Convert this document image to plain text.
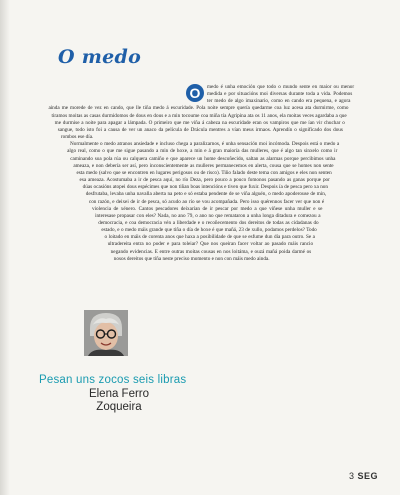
O medo

O	medo é unha emoción que todo o mundo sente en maior ou menor medida e por situacións moi diversas durante toda a vida. Podemos ter medo de algo imaxinario, como en cando era pequena, e agora ainda me morede de vez en cando, que lle tiña medo á escuridade. Pola noite sempre quería quedarme coa luz acesa ata durmirme, como tiramos moitas as casas durmidomos de dous en dous e a min tocoume coa miña tía Agripina ata os 11 anos, ela moitas veces agardaba a que me durmise a noite para apagar a lámpada. O primeiro que me viña á cabeza na escuridade eran os vampiros que me ían vir chuchar o sangue, todo isto foi a causa de ver un anaco da película de Drácula mentres a vían meus irmaos. Aprendín o significado dos dous rombos ese día.

Normalmente o medo atranos ansiedade e incluso chega a paralizarnos, é unha sensación moi incómoda. Despois está o medo a algo real, como o que me sigue pasando a min de hoxe, a min e á gran maioría das mulleres, que é algo tan sinxelo como ir caminando soa pola rúa ou calquera camiño e que aparece un home descoñecido, saltan as alarmas porque percibimos unha ameaza, e non debería ser así, pero inconscientemente as mulleres permanecemos en alerta, cousa que se homes non sente esta medo (salvo que se encontren en lugares perigosos ou de risco). Tiño falado deste tema con amigos e eles non senten esa ameaza. Acostumaba a ir de pesca aquí, no río Deza, pero pouco a pouco fomonos pasando as ganas porque por dúas ocasións atopei dous espécimes que non tiñan boas intencións e tiven que fuxir. Despois ía de pesca pero xa non desfrutaba, levaba unha navalla aberta na peto e só estaba pendente de se viña alguén, o medo apoderouse de min, con razón, e deixei de ir de pesca, só acudo ao río se vou acompañada. Pero isso quérennos facer ver que non é violencia de xénero. Cantos pescadores deixarían de ir pescar por medo a que viñese unha muller e se interesase propasar con eles? Nada, no ano 79, o ano no que remataron a unha longa ditadura e comezou a democracia, e coa democracia vén a liberdade e o recoñecemento dos dereitos de todas as cidadanas do estado, e o medo máis grande que tiña o día de hoxe é que mañá, 23 de xullo, podamos perdelos? Todo o loitado en máis de corenta anos que haxa a posibilidade de que se esfume dun día para outro. Se a ultradereita entra no poder e para toleiar? Que nos queiran facer voltar ao pasado máis rancio negando evidencias. E entre outras moitas cousas en nos loitáma, e ouzá mañá poida darmé os nosos dereitos que tiña neste preciso momento e non con máis medo ainda.

Pesan uns zocos seis libras
Elena Ferro
Zoqueira
3 SEG
